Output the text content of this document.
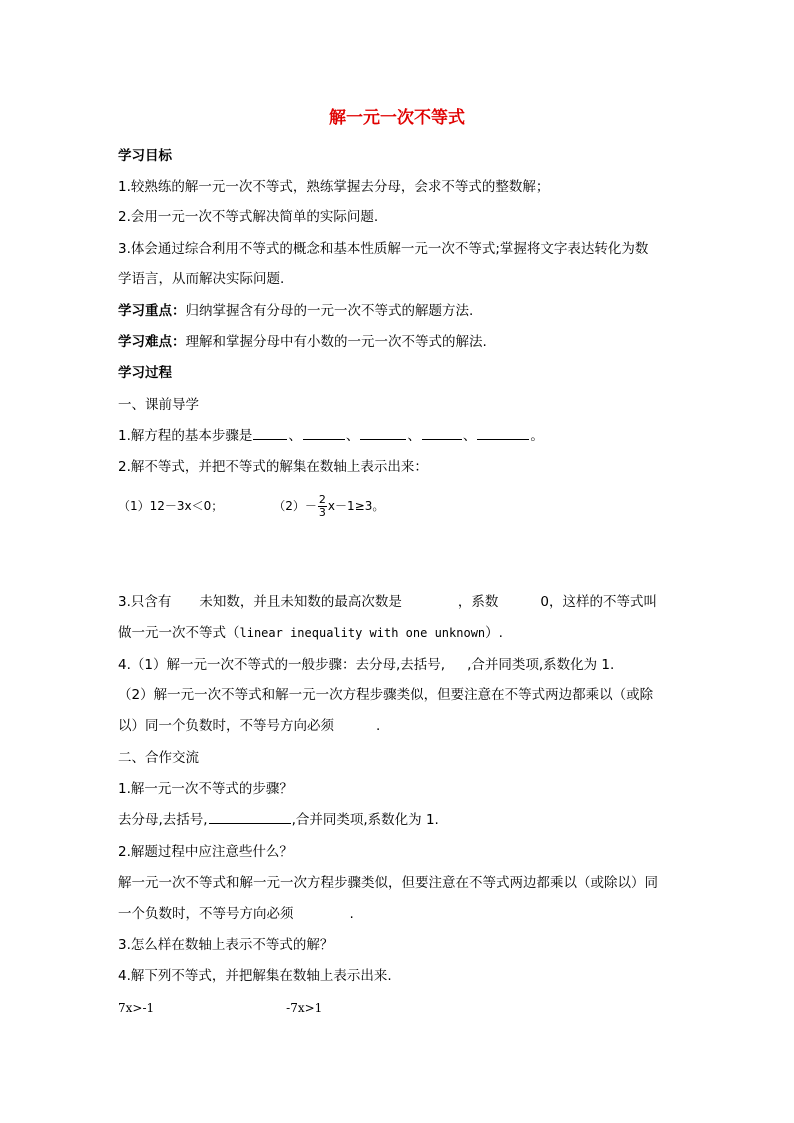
解一元一次不等式
学习目标
1.较熟练的解一元一次不等式，熟练掌握去分母，会求不等式的整数解；
2.会用一元一次不等式解决简单的实际问题.
3.体会通过综合利用不等式的概念和基本性质解一元一次不等式;掌握将文字表达转化为数
学语言，从而解决实际问题.
学习重点：归纳掌握含有分母的一元一次不等式的解题方法.
学习难点：理解和掌握分母中有小数的一元一次不等式的解法.
学习过程
一、课前导学
1.解方程的基本步骤是	、	、	、	、	。
2.解不等式，并把不等式的解集在数轴上表示出来：
（1）12－3x＜0；	$(2)- \frac{2}{3} x-1\ge 3$。
3.只含有 未知数，并且未知数的最高次数是	，系数	0，这样的不等式叫
做一元一次不等式（linear inequality with one unknown）.
4.（1）解一元一次不等式的一般步骤：去分母,去括号, ,合并同类项,系数化为 1.
（2）解一元一次不等式和解一元一次方程步骤类似，但要注意在不等式两边都乘以（或除
以）同一个负数时，不等号方向必须	.
二、合作交流
1.解一元一次不等式的步骤？
去分母,去括号,	,合并同类项,系数化为 1.
2.解题过程中应注意些什么？
解一元一次不等式和解一元一次方程步骤类似，但要注意在不等式两边都乘以（或除以）同
一个负数时，不等号方向必须	.
3.怎么样在数轴上表示不等式的解？
4.解下列不等式，并把解集在数轴上表示出来.
7x>-1	-7x>1
